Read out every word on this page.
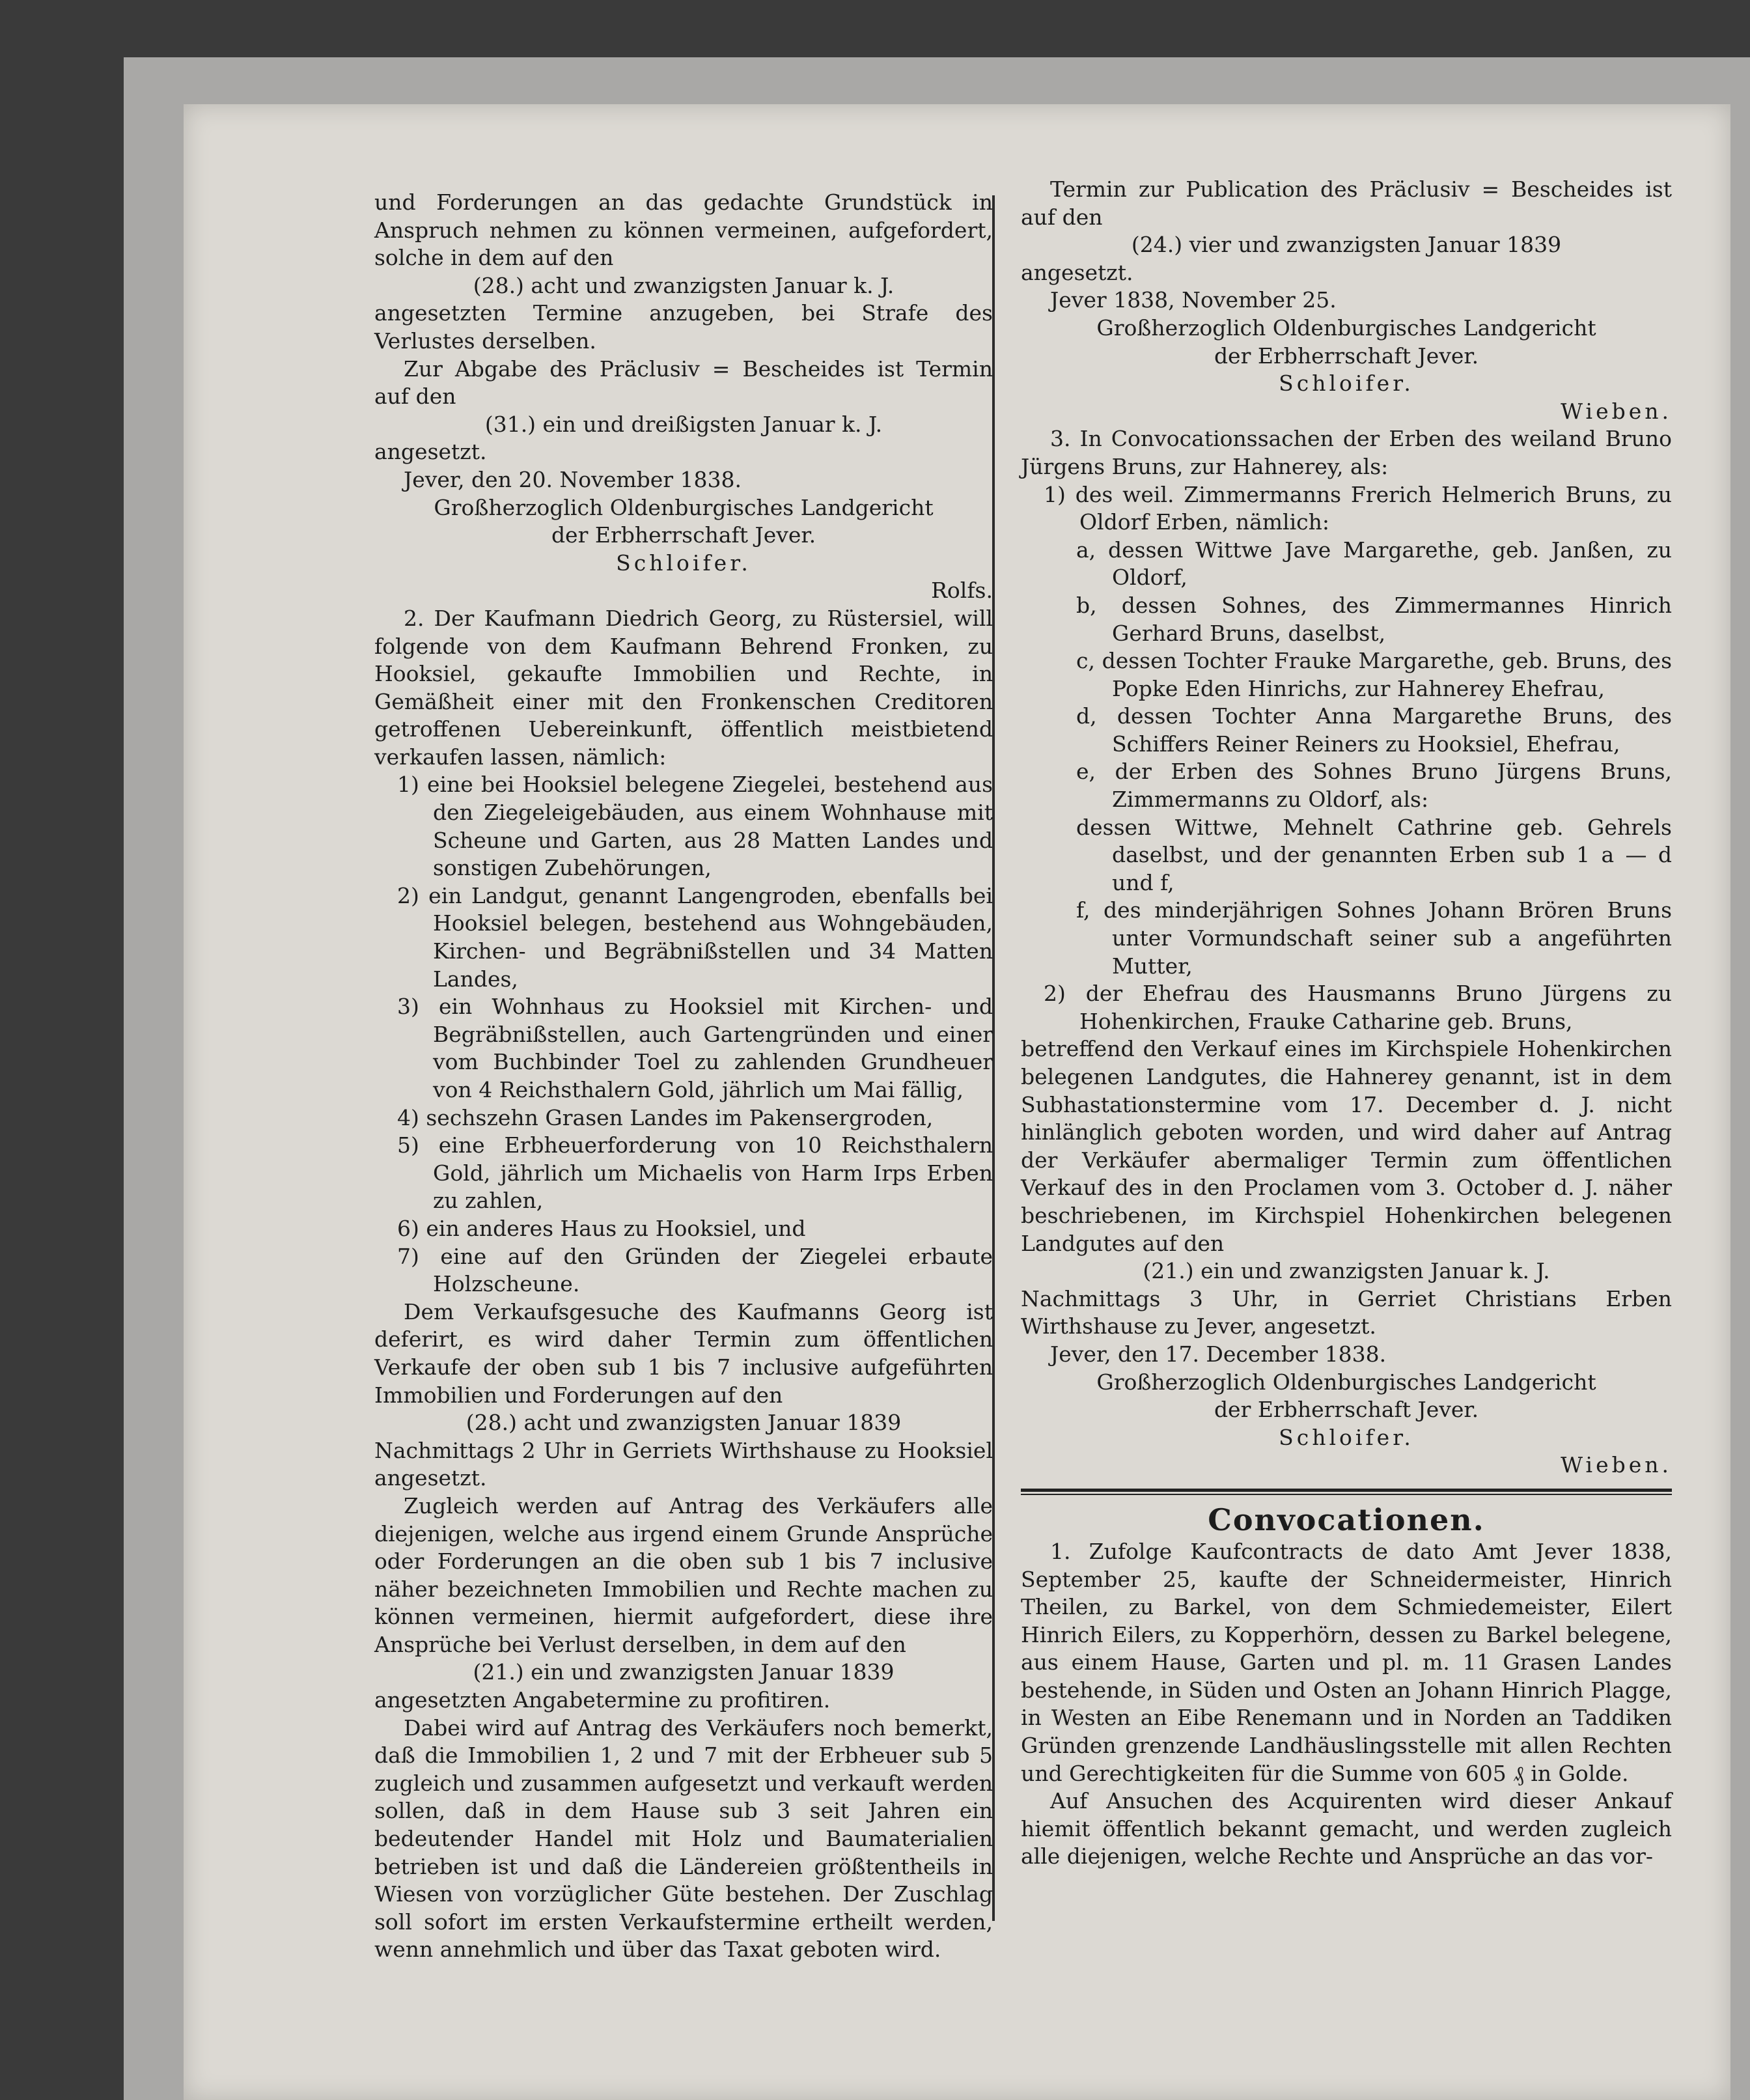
und Forderungen an das gedachte Grundstück in Anspruch nehmen zu können vermeinen, aufgefordert, solche in dem auf den

(28.) acht und zwanzigsten Januar k. J.

angesetzten Termine anzugeben, bei Strafe des Verlustes derselben.

Zur Abgabe des Präclusiv = Bescheides ist Termin auf den

(31.) ein und dreißigsten Januar k. J.

angesetzt.

Jever, den 20. November 1838.

Großherzoglich Oldenburgisches Landgericht

der Erbherrschaft Jever.

Schloifer.

Rolfs.

2. Der Kaufmann Diedrich Georg, zu Rüstersiel, will folgende von dem Kaufmann Behrend Fronken, zu Hooksiel, gekaufte Immobilien und Rechte, in Gemäßheit einer mit den Fronkenschen Creditoren getroffenen Uebereinkunft, öffentlich meistbietend verkaufen lassen, nämlich:

1) eine bei Hooksiel belegene Ziegelei, bestehend aus den Ziegeleigebäuden, aus einem Wohnhause mit Scheune und Garten, aus 28 Matten Landes und sonstigen Zubehörungen,

2) ein Landgut, genannt Langengroden, ebenfalls bei Hooksiel belegen, bestehend aus Wohngebäuden, Kirchen- und Begräbnißstellen und 34 Matten Landes,

3) ein Wohnhaus zu Hooksiel mit Kirchen- und Begräbnißstellen, auch Gartengründen und einer vom Buchbinder Toel zu zahlenden Grundheuer von 4 Reichsthalern Gold, jährlich um Mai fällig,

4) sechszehn Grasen Landes im Pakensergroden,

5) eine Erbheuerforderung von 10 Reichsthalern Gold, jährlich um Michaelis von Harm Irps Erben zu zahlen,

6) ein anderes Haus zu Hooksiel, und

7) eine auf den Gründen der Ziegelei erbaute Holzscheune.

Dem Verkaufsgesuche des Kaufmanns Georg ist deferirt, es wird daher Termin zum öffentlichen Verkaufe der oben sub 1 bis 7 inclusive aufgeführten Immobilien und Forderungen auf den

(28.) acht und zwanzigsten Januar 1839

Nachmittags 2 Uhr in Gerriets Wirthshause zu Hooksiel angesetzt.

Zugleich werden auf Antrag des Verkäufers alle diejenigen, welche aus irgend einem Grunde Ansprüche oder Forderungen an die oben sub 1 bis 7 inclusive näher bezeichneten Immobilien und Rechte machen zu können vermeinen, hiermit aufgefordert, diese ihre Ansprüche bei Verlust derselben, in dem auf den

(21.) ein und zwanzigsten Januar 1839

angesetzten Angabetermine zu profitiren.

Dabei wird auf Antrag des Verkäufers noch bemerkt, daß die Immobilien 1, 2 und 7 mit der Erbheuer sub 5 zugleich und zusammen aufgesetzt und verkauft werden sollen, daß in dem Hause sub 3 seit Jahren ein bedeutender Handel mit Holz und Baumaterialien betrieben ist und daß die Ländereien größtentheils in Wiesen von vorzüglicher Güte bestehen. Der Zuschlag soll sofort im ersten Verkaufstermine ertheilt werden, wenn annehmlich und über das Taxat geboten wird.

Termin zur Publication des Präclusiv = Bescheides ist auf den

(24.) vier und zwanzigsten Januar 1839

angesetzt.

Jever 1838, November 25.

Großherzoglich Oldenburgisches Landgericht

der Erbherrschaft Jever.

Schloifer.

Wieben.

3. In Convocationssachen der Erben des weiland Bruno Jürgens Bruns, zur Hahnerey, als:

1) des weil. Zimmermanns Frerich Helmerich Bruns, zu Oldorf Erben, nämlich:

a, dessen Wittwe Jave Margarethe, geb. Janßen, zu Oldorf,

b, dessen Sohnes, des Zimmermannes Hinrich Gerhard Bruns, daselbst,

c, dessen Tochter Frauke Margarethe, geb. Bruns, des Popke Eden Hinrichs, zur Hahnerey Ehefrau,

d, dessen Tochter Anna Margarethe Bruns, des Schiffers Reiner Reiners zu Hooksiel, Ehefrau,

e, der Erben des Sohnes Bruno Jürgens Bruns, Zimmermanns zu Oldorf, als:

dessen Wittwe, Mehnelt Cathrine geb. Gehrels daselbst, und der genannten Erben sub 1 a — d und f,

f, des minderjährigen Sohnes Johann Brören Bruns unter Vormundschaft seiner sub a angeführten Mutter,

2) der Ehefrau des Hausmanns Bruno Jürgens zu Hohenkirchen, Frauke Catharine geb. Bruns,

betreffend den Verkauf eines im Kirchspiele Hohenkirchen belegenen Landgutes, die Hahnerey genannt, ist in dem Subhastationstermine vom 17. December d. J. nicht hinlänglich geboten worden, und wird daher auf Antrag der Verkäufer abermaliger Termin zum öffentlichen Verkauf des in den Proclamen vom 3. October d. J. näher beschriebenen, im Kirchspiel Hohenkirchen belegenen Landgutes auf den

(21.) ein und zwanzigsten Januar k. J.

Nachmittags 3 Uhr, in Gerriet Christians Erben Wirthshause zu Jever, angesetzt.

Jever, den 17. December 1838.

Großherzoglich Oldenburgisches Landgericht

der Erbherrschaft Jever.

Schloifer.

Wieben.

Convocationen.

1. Zufolge Kaufcontracts de dato Amt Jever 1838, September 25, kaufte der Schneidermeister, Hinrich Theilen, zu Barkel, von dem Schmiedemeister, Eilert Hinrich Eilers, zu Kopperhörn, dessen zu Barkel belegene, aus einem Hause, Garten und pl. m. 11 Grasen Landes bestehende, in Süden und Osten an Johann Hinrich Plagge, in Westen an Eibe Renemann und in Norden an Taddiken Gründen grenzende Landhäuslingsstelle mit allen Rechten und Gerechtigkeiten für die Summe von 605 ₰ in Golde.

Auf Ansuchen des Acquirenten wird dieser Ankauf hiemit öffentlich bekannt gemacht, und werden zugleich alle diejenigen, welche Rechte und Ansprüche an das vor-
